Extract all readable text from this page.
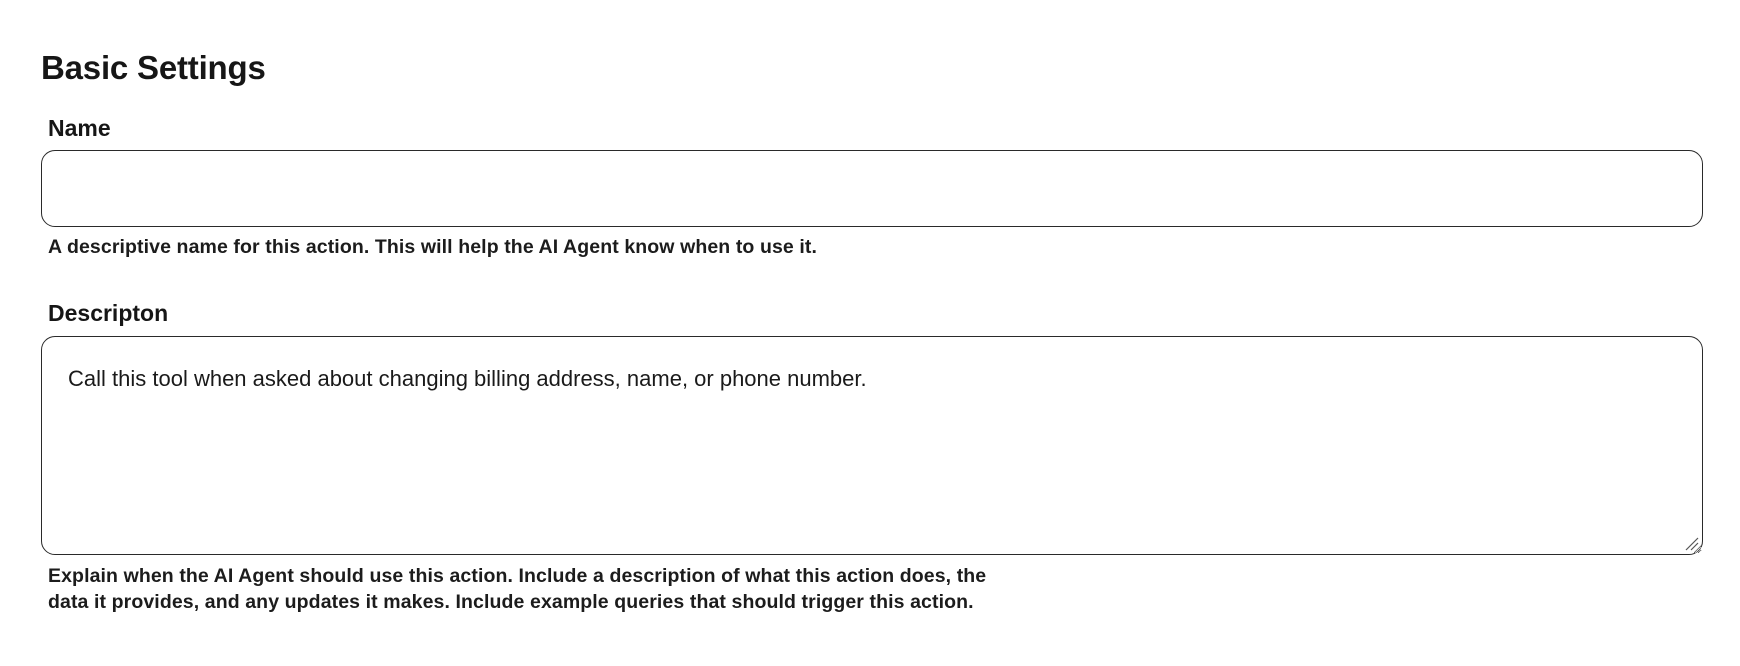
Basic Settings
Name

A descriptive name for this action. This will help the AI Agent know when to use it.

Descripton
Call this tool when asked about changing billing address, name, or phone number.

Explain when the AI Agent should use this action. Include a description of what this action does, the
data it provides, and any updates it makes. Include example queries that should trigger this action.
